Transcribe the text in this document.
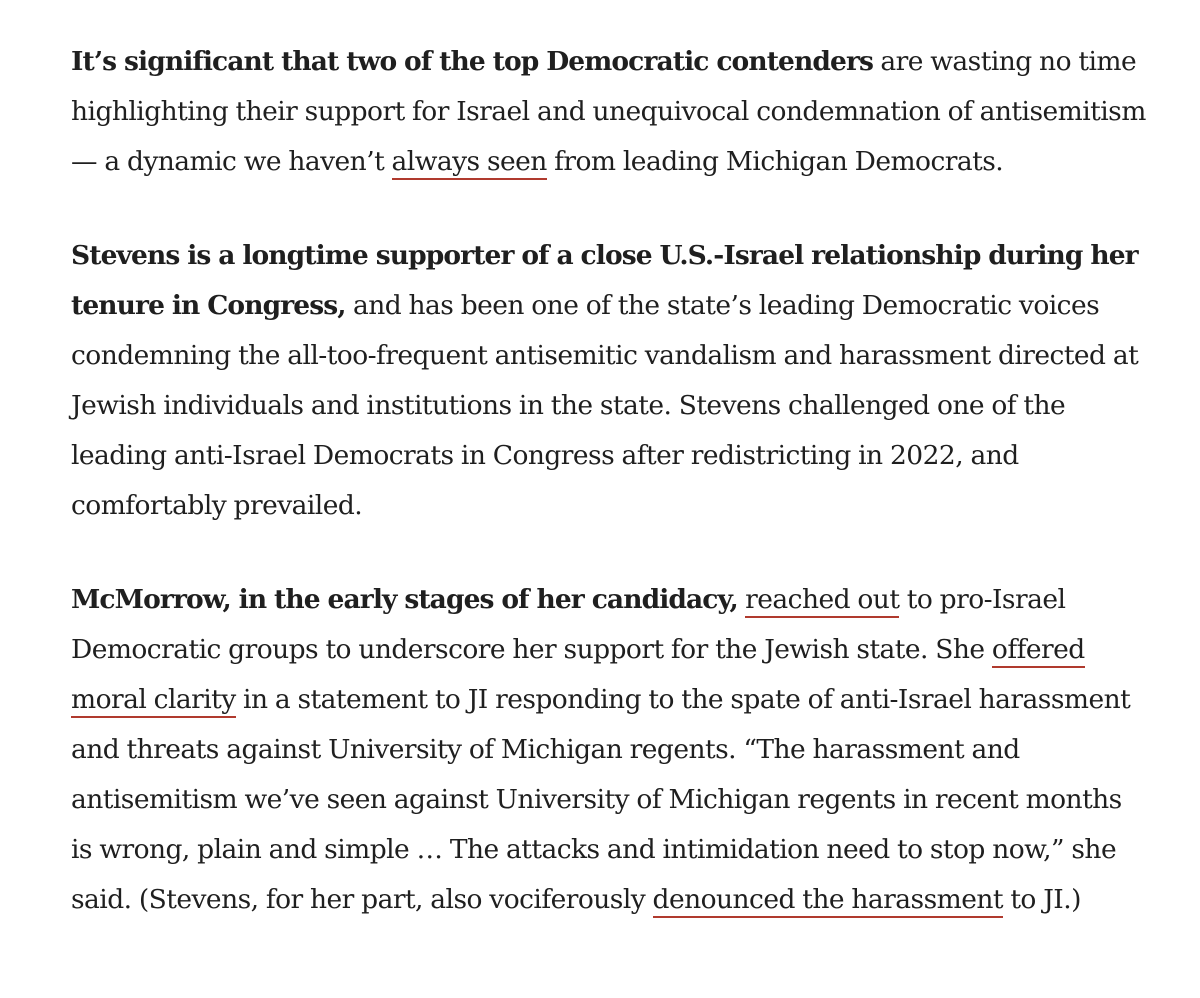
It’s significant that two of the top Democratic contenders are wasting no time highlighting their support for Israel and unequivocal condemnation of antisemitism — a dynamic we haven’t always seen from leading Michigan Democrats.

Stevens is a longtime supporter of a close U.S.-Israel relationship during her tenure in Congress, and has been one of the state’s leading Democratic voices condemning the all-too-frequent antisemitic vandalism and harassment directed at Jewish individuals and institutions in the state. Stevens challenged one of the leading anti-Israel Democrats in Congress after redistricting in 2022, and comfortably prevailed.

McMorrow, in the early stages of her candidacy, reached out to pro-Israel Democratic groups to underscore her support for the Jewish state. She offered moral clarity in a statement to JI responding to the spate of anti-Israel harassment and threats against University of Michigan regents. “The harassment and antisemitism we’ve seen against University of Michigan regents in recent months is wrong, plain and simple … The attacks and intimidation need to stop now,” she said. (Stevens, for her part, also vociferously denounced the harassment to JI.)
